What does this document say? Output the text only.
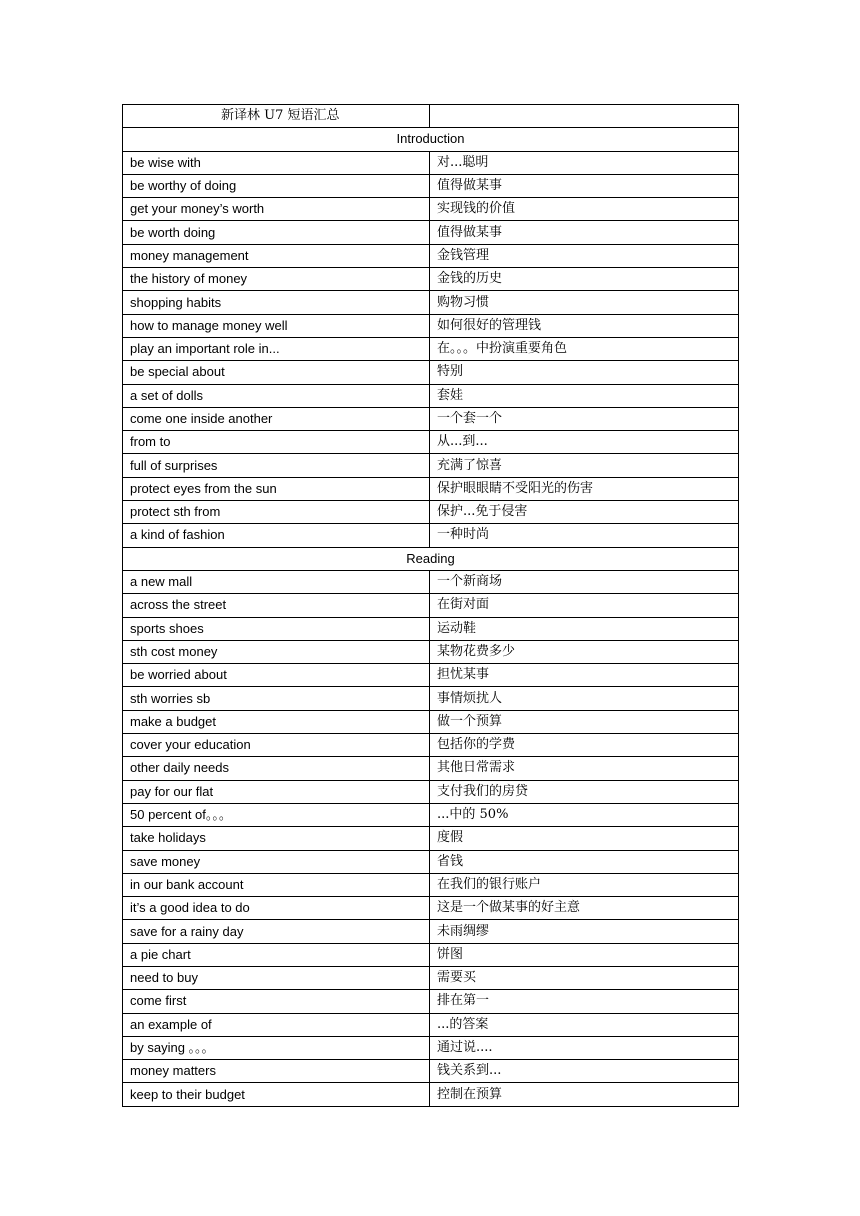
新译林 U7 短语汇总	
Introduction	
be wise with	对...聪明
be worthy of doing	值得做某事
get your money’s worth	实现钱的价值
be worth doing	值得做某事
money management	金钱管理
the history of money	金钱的历史
shopping habits	购物习惯
how to manage money well	如何很好的管理钱
play an important role in...	在。。。中扮演重要角色
be special about	特别
a set of dolls	套娃
come one inside another	一个套一个
from to	从...到...
full of surprises	充满了惊喜
protect eyes from the sun	保护眼眼睛不受阳光的伤害
protect sth from	保护...免于侵害
a kind of fashion	一种时尚
Reading	
a new mall	一个新商场
across the street	在街对面
sports shoes	运动鞋
sth cost money	某物花费多少
be worried about	担忧某事
sth worries sb	事情烦扰人
make a budget	做一个预算
cover your education	包括你的学费
other daily needs	其他日常需求
pay for our flat	支付我们的房贷
50 percent of。。。	...中的 50%
take holidays	度假
save money	省钱
in our bank account	在我们的银行账户
it’s a good idea to do	这是一个做某事的好主意
save for a rainy day	未雨绸缪
a pie chart	饼图
need to buy	需要买
come first	排在第一
an example of	...的答案
by saying 。。。	通过说....
money matters	钱关系到...
keep to their budget	控制在预算
